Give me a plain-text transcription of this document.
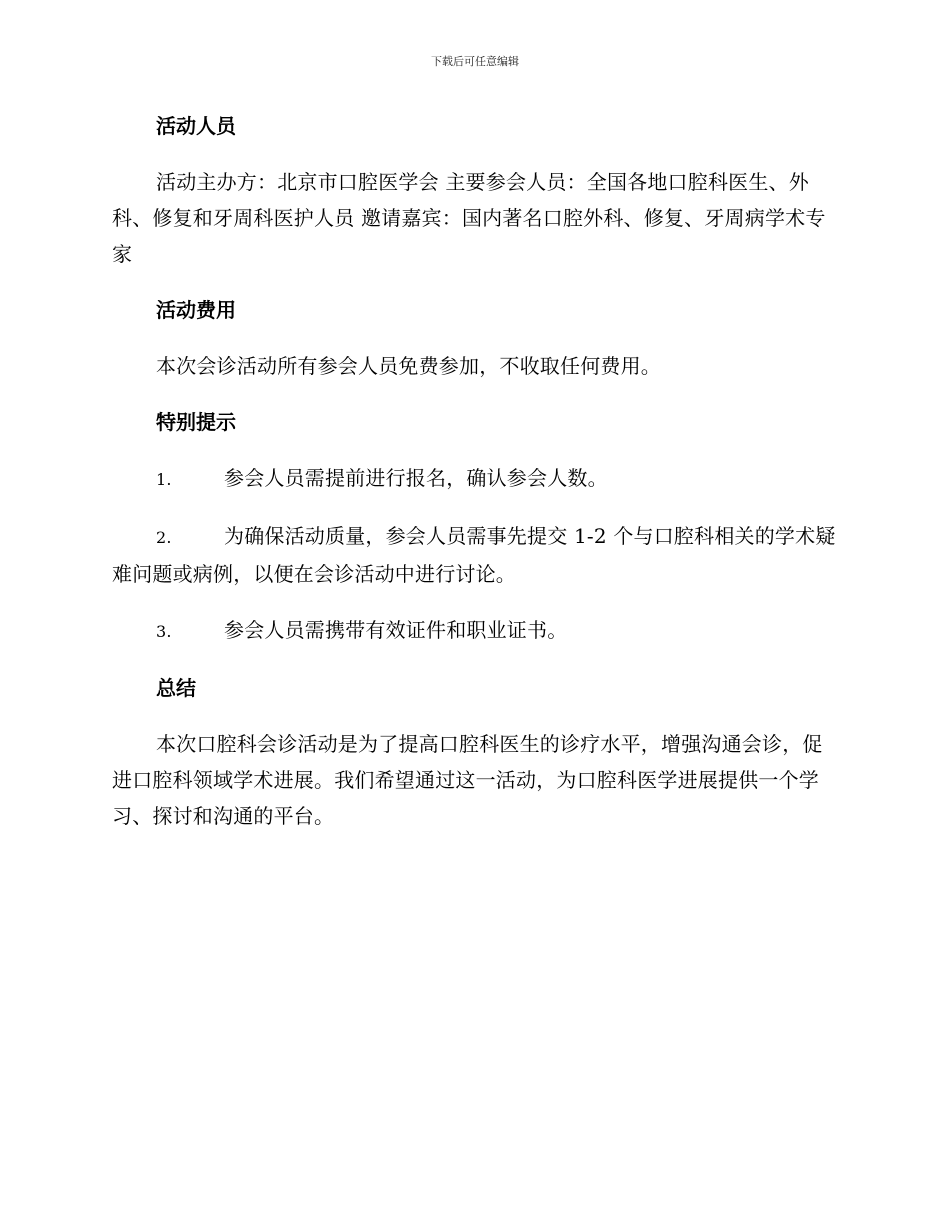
下载后可任意编辑
活动人员

活动主办方：北京市口腔医学会 主要参会人员：全国各地口腔科医生、外科、修复和牙周科医护人员 邀请嘉宾：国内著名口腔外科、修复、牙周病学术专家

活动费用

本次会诊活动所有参会人员免费参加，不收取任何费用。

特别提示
1.	参会人员需提前进行报名，确认参会人数。
2.	为确保活动质量，参会人员需事先提交 1-2 个与口腔科相关的学术疑难问题或病例，以便在会诊活动中进行讨论。
3.	参会人员需携带有效证件和职业证书。
总结

本次口腔科会诊活动是为了提高口腔科医生的诊疗水平，增强沟通会诊，促进口腔科领域学术进展。我们希望通过这一活动，为口腔科医学进展提供一个学习、探讨和沟通的平台。
